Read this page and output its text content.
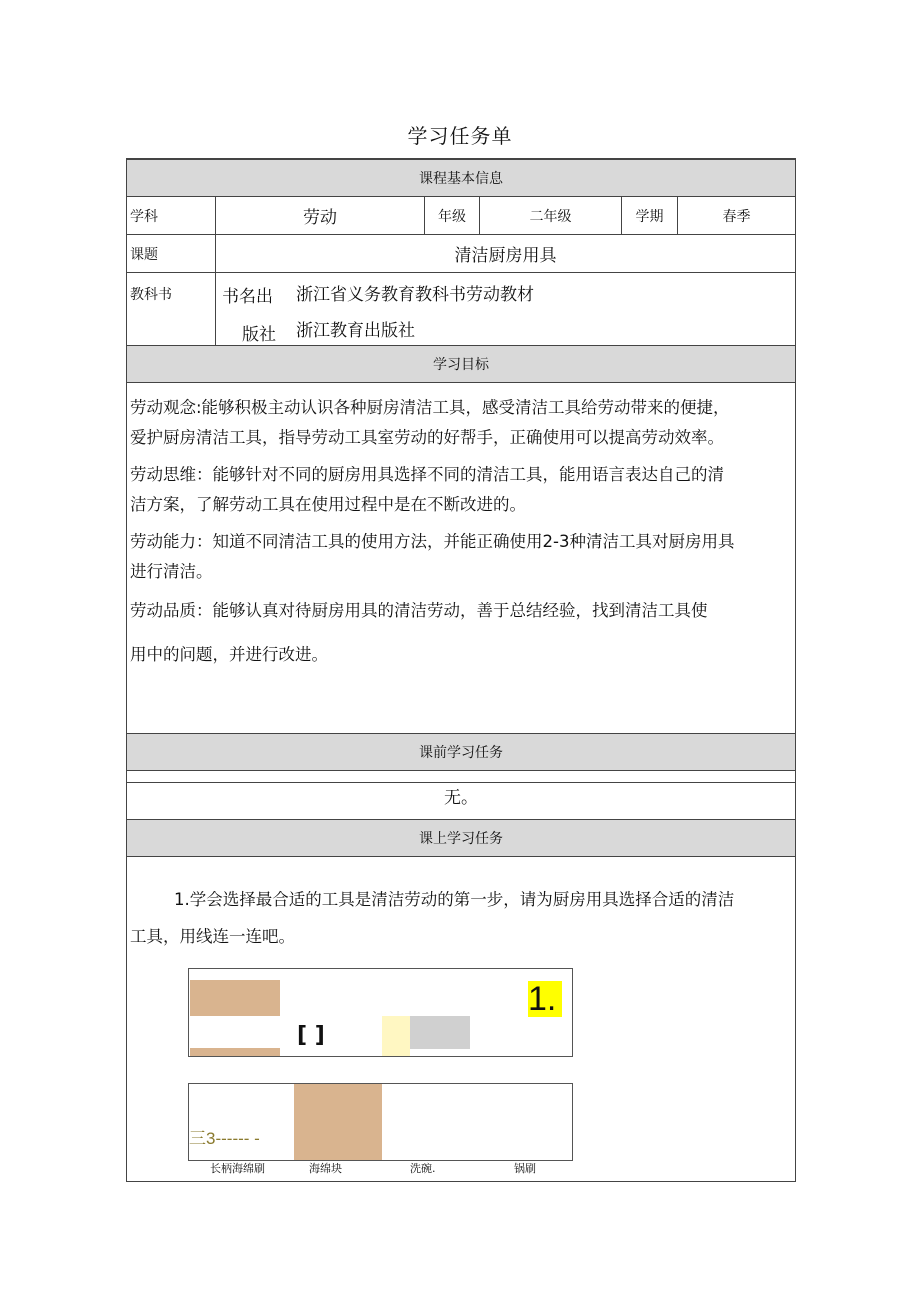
学习任务单
课程基本信息
学习目标
课前学习任务
课上学习任务
学科	劳动	年级	二年级	学期	春季
课题	清洁厨房用具
教科书	书名出	浙江省义务教育教科书劳动教材
版社	浙江教育出版社
劳动观念:能够积极主动认识各种厨房清洁工具，感受清洁工具给劳动带来的便捷，
爱护厨房清洁工具，指导劳动工具室劳动的好帮手，正确使用可以提高劳动效率。
劳动思维：能够针对不同的厨房用具选择不同的清洁工具，能用语言表达自己的清
洁方案，了解劳动工具在使用过程中是在不断改进的。
劳动能力：知道不同清洁工具的使用方法，并能正确使用2-3种清洁工具对厨房用具
进行清洁。
劳动品质：能够认真对待厨房用具的清洁劳动，善于总结经验，找到清洁工具使
用中的问题，并进行改进。
无。
1.学会选择最合适的工具是清洁劳动的第一步，请为厨房用具选择合适的清洁
工具，用线连一连吧。
[ ]
1.
三3------ -
长柄海绵刷	海绵块	洗碗.	锅刷
